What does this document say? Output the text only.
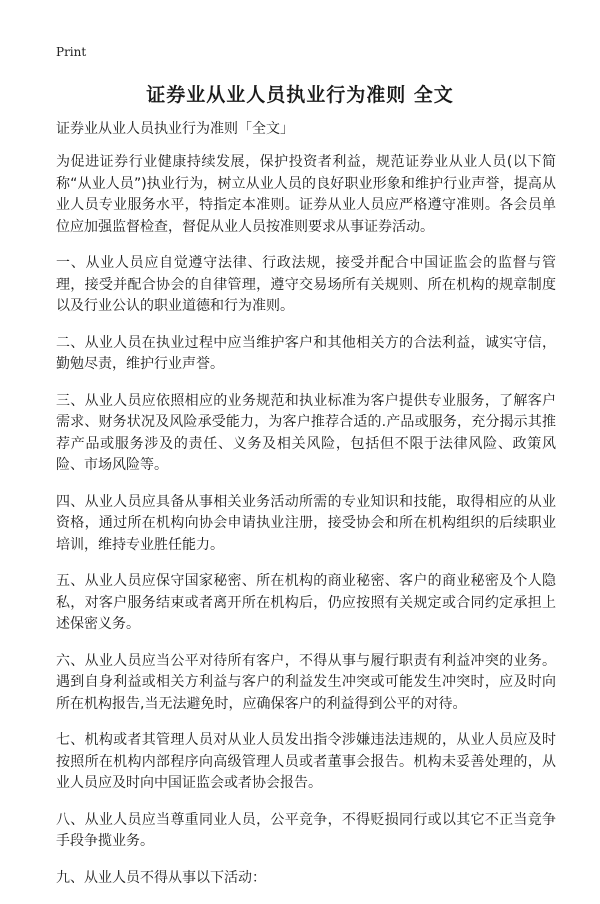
Print
证券业从业人员执业行为准则 全文

证券业从业人员执业行为准则「全文」

为促进证券行业健康持续发展，保护投资者利益，规范证券业从业人员(以下简称“从业人员”)执业行为，树立从业人员的良好职业形象和维护行业声誉，提高从业人员专业服务水平，特指定本准则。证券从业人员应严格遵守准则。各会员单位应加强监督检查，督促从业人员按准则要求从事证券活动。

一、从业人员应自觉遵守法律、行政法规，接受并配合中国证监会的监督与管理，接受并配合协会的自律管理，遵守交易场所有关规则、所在机构的规章制度以及行业公认的职业道德和行为准则。

二、从业人员在执业过程中应当维护客户和其他相关方的合法利益，诚实守信，勤勉尽责，维护行业声誉。

三、从业人员应依照相应的业务规范和执业标准为客户提供专业服务，了解客户需求、财务状况及风险承受能力，为客户推荐合适的.产品或服务，充分揭示其推荐产品或服务涉及的责任、义务及相关风险，包括但不限于法律风险、政策风险、市场风险等。

四、从业人员应具备从事相关业务活动所需的专业知识和技能，取得相应的从业资格，通过所在机构向协会申请执业注册，接受协会和所在机构组织的后续职业培训，维持专业胜任能力。

五、从业人员应保守国家秘密、所在机构的商业秘密、客户的商业秘密及个人隐私，对客户服务结束或者离开所在机构后，仍应按照有关规定或合同约定承担上述保密义务。

六、从业人员应当公平对待所有客户，不得从事与履行职责有利益冲突的业务。遇到自身利益或相关方利益与客户的利益发生冲突或可能发生冲突时，应及时向所在机构报告,当无法避免时，应确保客户的利益得到公平的对待。

七、机构或者其管理人员对从业人员发出指令涉嫌违法违规的，从业人员应及时按照所在机构内部程序向高级管理人员或者董事会报告。机构未妥善处理的，从业人员应及时向中国证监会或者协会报告。

八、从业人员应当尊重同业人员，公平竞争，不得贬损同行或以其它不正当竞争手段争揽业务。

九、从业人员不得从事以下活动：
